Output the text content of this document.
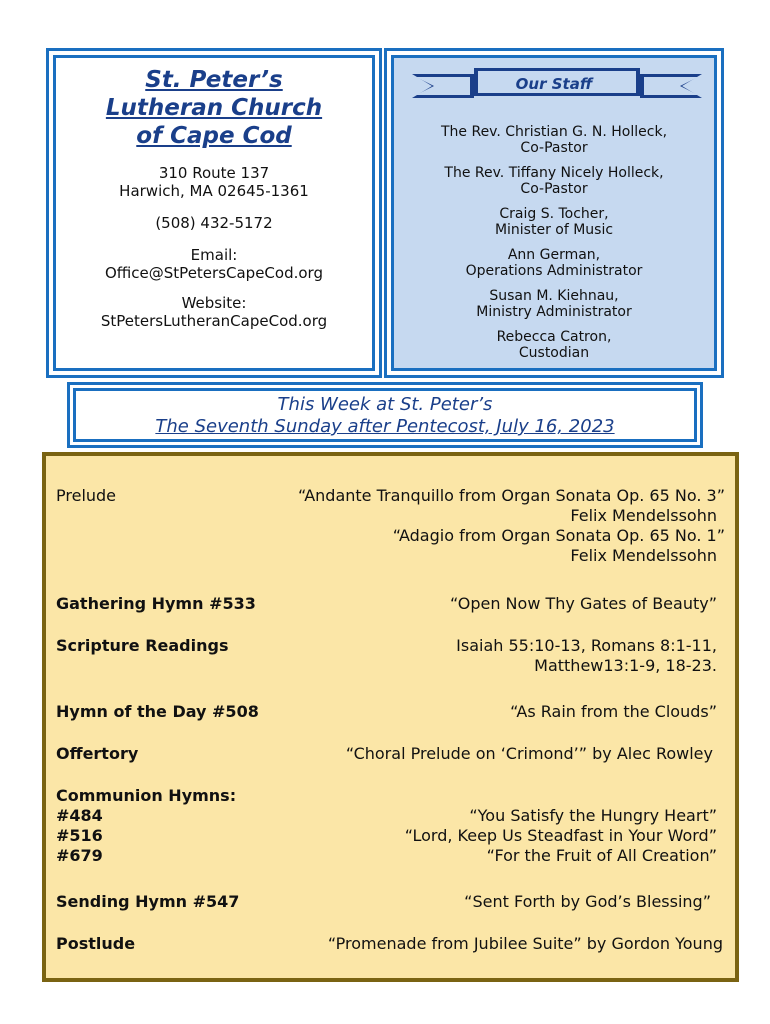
St. Peter’s
Lutheran Church
of Cape Cod
310 Route 137
Harwich, MA 02645-1361
(508) 432-5172
Email:
Office@StPetersCapeCod.org
Website:
StPetersLutheranCapeCod.org
Our Staff
The Rev. Christian G. N. Holleck,
Co-Pastor
The Rev. Tiffany Nicely Holleck,
Co-Pastor
Craig S. Tocher,
Minister of Music
Ann German,
Operations Administrator
Susan M. Kiehnau,
Ministry Administrator
Rebecca Catron,
Custodian
This Week at St. Peter’s
The Seventh Sunday after Pentecost, July 16, 2023
Prelude	“Andante Tranquillo from Organ Sonata Op. 65 No. 3”
Felix Mendelssohn
“Adagio from Organ Sonata Op. 65 No. 1”
Felix Mendelssohn
Gathering Hymn #533	“Open Now Thy Gates of Beauty”
Scripture Readings	Isaiah 55:10-13, Romans 8:1-11,
Matthew13:1-9, 18-23.
Hymn of the Day #508	“As Rain from the Clouds”
Offertory	“Choral Prelude on ‘Crimond’” by Alec Rowley
Communion Hymns:
#484	“You Satisfy the Hungry Heart”
#516	“Lord, Keep Us Steadfast in Your Word”
#679	“For the Fruit of All Creation”
Sending Hymn #547	“Sent Forth by God’s Blessing”
Postlude	“Promenade from Jubilee Suite” by Gordon Young
